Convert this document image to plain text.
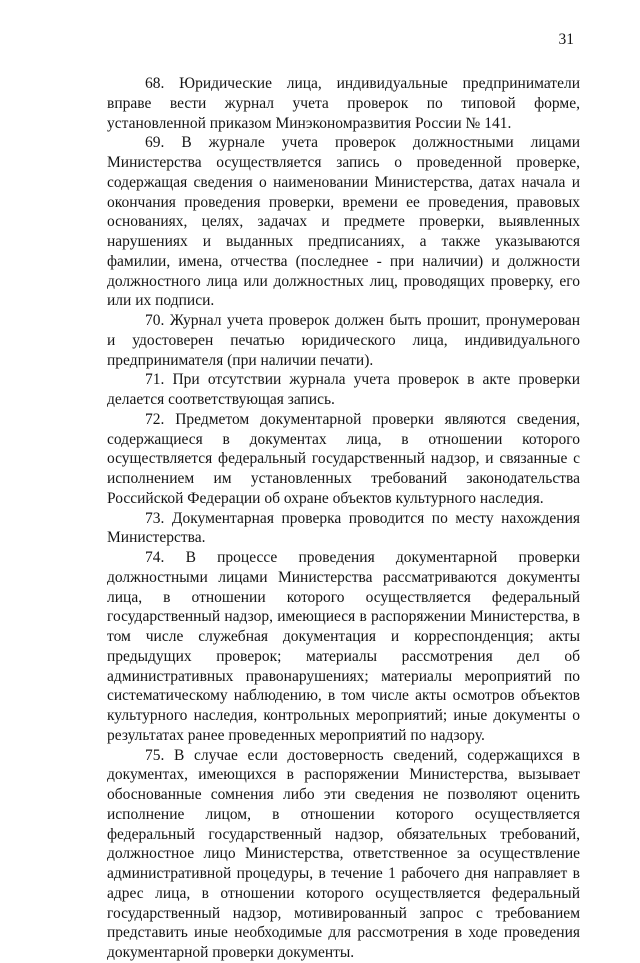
31

68. Юридические лица, индивидуальные предприниматели вправе вести журнал учета проверок по типовой форме, установленной приказом Минэкономразвития России № 141.

69. В журнале учета проверок должностными лицами Министерства осуществляется запись о проведенной проверке, содержащая сведения о наименовании Министерства, датах начала и окончания проведения проверки, времени ее проведения, правовых основаниях, целях, задачах и предмете проверки, выявленных нарушениях и выданных предписаниях, а также указываются фамилии, имена, отчества (последнее - при наличии) и должности должностного лица или должностных лиц, проводящих проверку, его или их подписи.

70. Журнал учета проверок должен быть прошит, пронумерован и удостоверен печатью юридического лица, индивидуального предпринимателя (при наличии печати).

71. При отсутствии журнала учета проверок в акте проверки делается соответствующая запись.

72. Предметом документарной проверки являются сведения, содержащиеся в документах лица, в отношении которого осуществляется федеральный государственный надзор, и связанные с исполнением им установленных требований законодательства Российской Федерации об охране объектов культурного наследия.

73. Документарная проверка проводится по месту нахождения Министерства.

74. В процессе проведения документарной проверки должностными лицами Министерства рассматриваются документы лица, в отношении которого осуществляется федеральный государственный надзор, имеющиеся в распоряжении Министерства, в том числе служебная документация и корреспонденция; акты предыдущих проверок; материалы рассмотрения дел об административных правонарушениях; материалы мероприятий по систематическому наблюдению, в том числе акты осмотров объектов культурного наследия, контрольных мероприятий; иные документы о результатах ранее проведенных мероприятий по надзору.

75. В случае если достоверность сведений, содержащихся в документах, имеющихся в распоряжении Министерства, вызывает обоснованные сомнения либо эти сведения не позволяют оценить исполнение лицом, в отношении которого осуществляется федеральный государственный надзор, обязательных требований, должностное лицо Министерства, ответственное за осуществление административной процедуры, в течение 1 рабочего дня направляет в адрес лица, в отношении которого осуществляется федеральный государственный надзор, мотивированный запрос с требованием представить иные необходимые для рассмотрения в ходе проведения документарной проверки документы.
